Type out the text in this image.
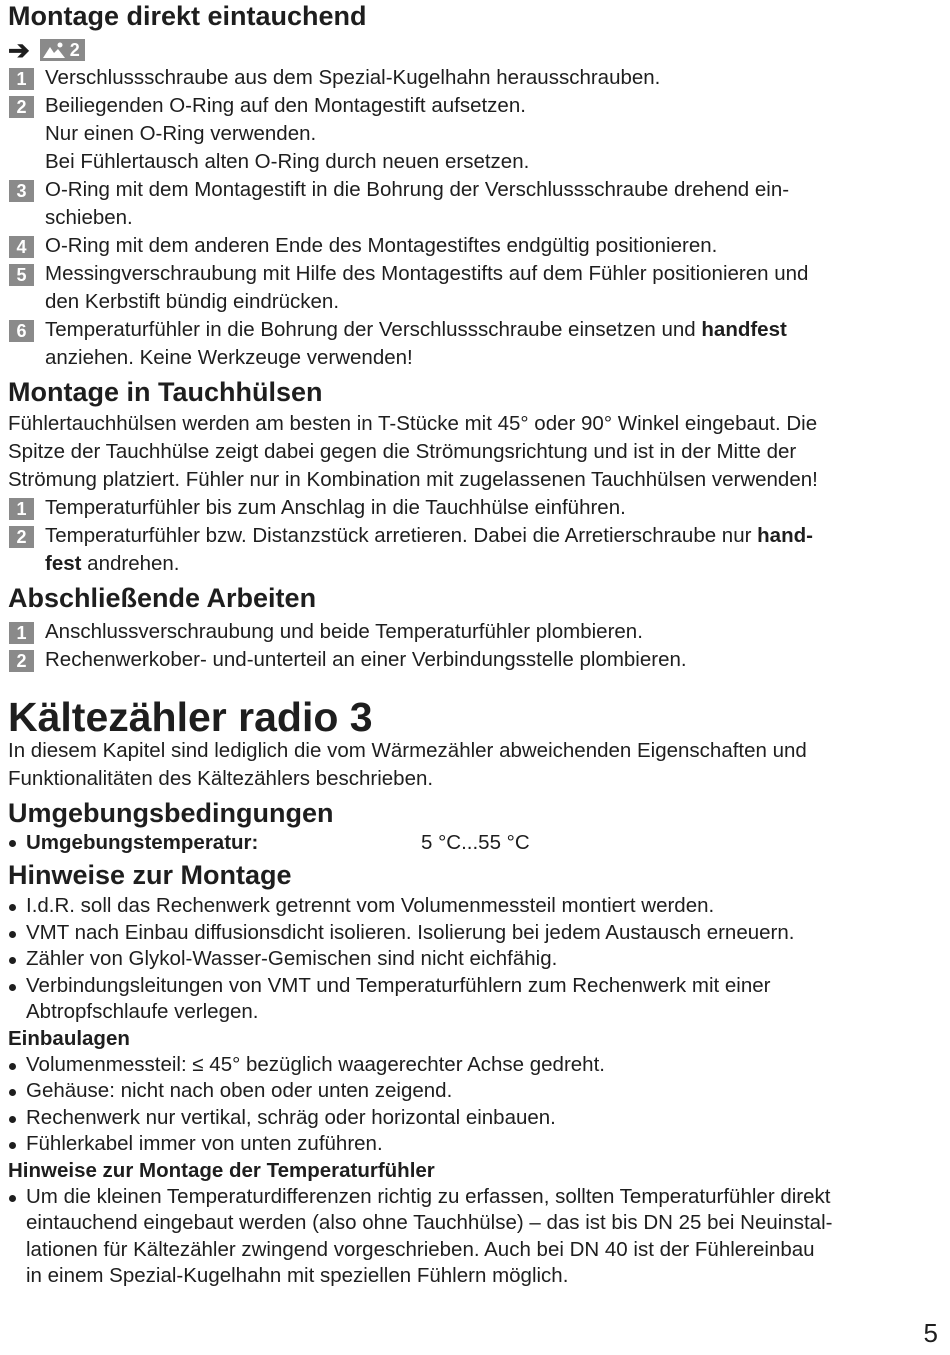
Montage direkt eintauchend
➔ 2
1 Verschlussschraube aus dem Spezial-Kugelhahn herausschrauben.
2 Beiliegenden O-Ring auf den Montagestift aufsetzen.
Nur einen O-Ring verwenden.
Bei Fühlertausch alten O-Ring durch neuen ersetzen.
3 O-Ring mit dem Montagestift in die Bohrung der Verschlussschraube drehend ein-
schieben.
4 O-Ring mit dem anderen Ende des Montagestiftes endgültig positionieren.
5 Messingverschraubung mit Hilfe des Montagestifts auf dem Fühler positionieren und
den Kerbstift bündig eindrücken.
6 Temperaturfühler in die Bohrung der Verschlussschraube einsetzen und handfest
anziehen. Keine Werkzeuge verwenden!
Montage in Tauchhülsen
Fühlertauchhülsen werden am besten in T-Stücke mit 45° oder 90° Winkel eingebaut. Die
Spitze der Tauchhülse zeigt dabei gegen die Strömungsrichtung und ist in der Mitte der
Strömung platziert. Fühler nur in Kombination mit zugelassenen Tauchhülsen verwenden!
1 Temperaturfühler bis zum Anschlag in die Tauchhülse einführen.
2 Temperaturfühler bzw. Distanzstück arretieren. Dabei die Arretierschraube nur hand-
fest andrehen.
Abschließende Arbeiten
1 Anschlussverschraubung und beide Temperaturfühler plombieren.
2 Rechenwerkober- und-unterteil an einer Verbindungsstelle plombieren.
Kältezähler radio 3
In diesem Kapitel sind lediglich die vom Wärmezähler abweichenden Eigenschaften und
Funktionalitäten des Kältezählers beschrieben.
Umgebungsbedingungen
Umgebungstemperatur:	5 °C...55 °C
Hinweise zur Montage
I.d.R. soll das Rechenwerk getrennt vom Volumenmessteil montiert werden.
VMT nach Einbau diffusionsdicht isolieren. Isolierung bei jedem Austausch erneuern.
Zähler von Glykol-Wasser-Gemischen sind nicht eichfähig.
Verbindungsleitungen von VMT und Temperaturfühlern zum Rechenwerk mit einer
Abtropfschlaufe verlegen.
Einbaulagen
Volumenmessteil: ≤ 45° bezüglich waagerechter Achse gedreht.
Gehäuse: nicht nach oben oder unten zeigend.
Rechenwerk nur vertikal, schräg oder horizontal einbauen.
Fühlerkabel immer von unten zuführen.
Hinweise zur Montage der Temperaturfühler
Um die kleinen Temperaturdifferenzen richtig zu erfassen, sollten Temperaturfühler direkt
eintauchend eingebaut werden (also ohne Tauchhülse) – das ist bis DN 25 bei Neuinstal-
lationen für Kältezähler zwingend vorgeschrieben. Auch bei DN 40 ist der Fühlereinbau
in einem Spezial-Kugelhahn mit speziellen Fühlern möglich.
5
